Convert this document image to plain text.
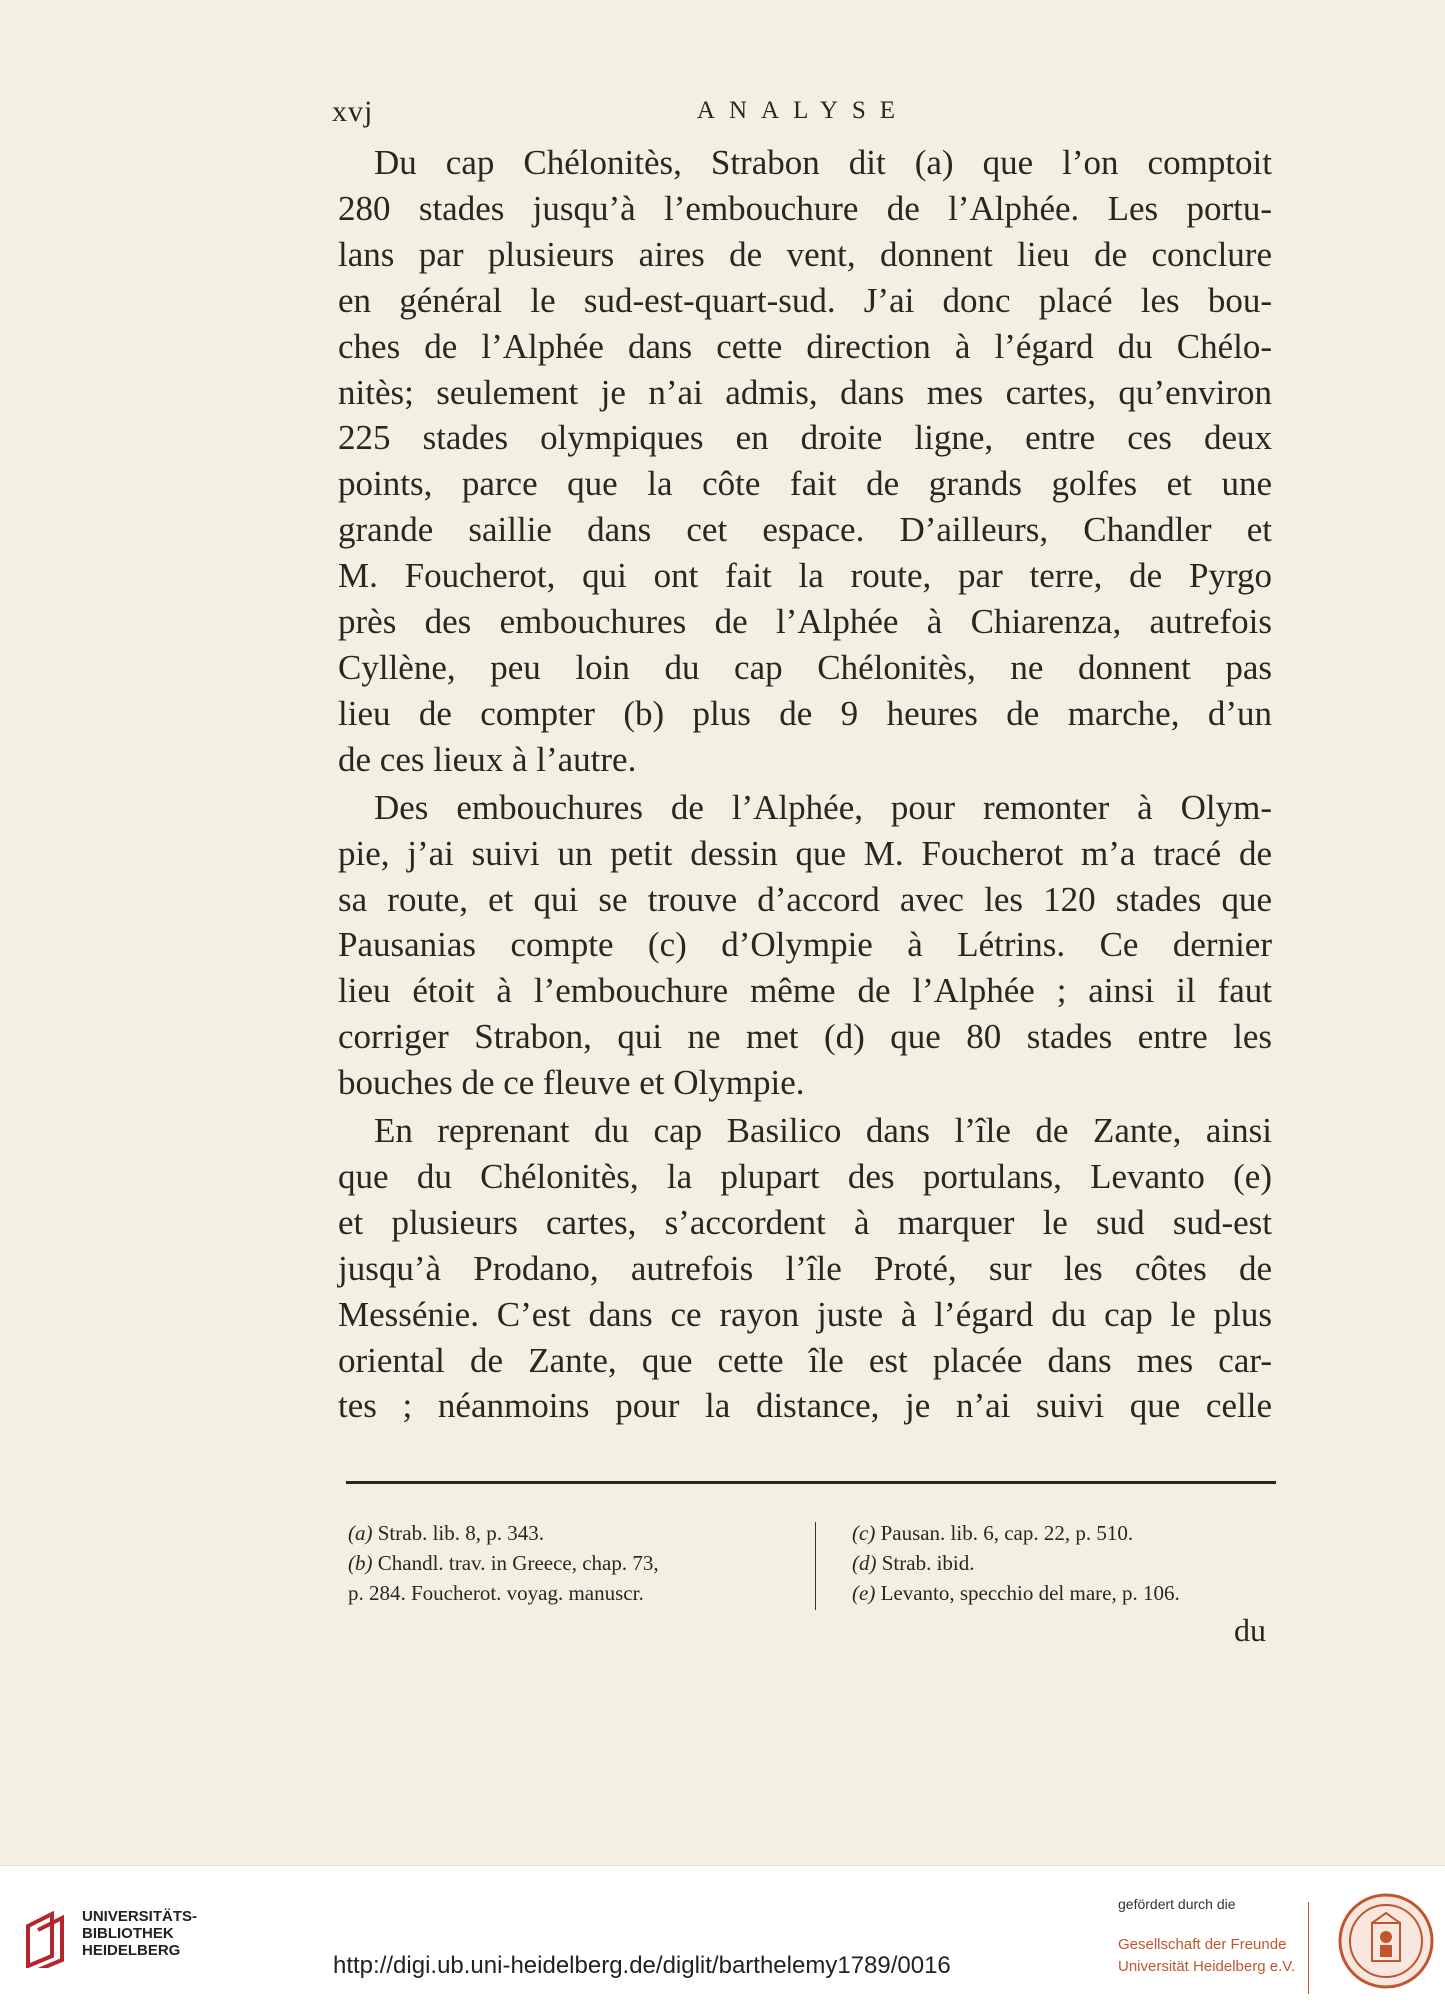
xvj	ANALYSE

Du cap Chélonitès, Strabon dit (a) que l’on comptoit

280 stades jusqu’à l’embouchure de l’Alphée. Les portu-

lans par plusieurs aires de vent, donnent lieu de conclure

en général le sud-est-quart-sud. J’ai donc placé les bou-

ches de l’Alphée dans cette direction à l’égard du Chélo-

nitès; seulement je n’ai admis, dans mes cartes, qu’environ

225 stades olympiques en droite ligne, entre ces deux

points, parce que la côte fait de grands golfes et une

grande saillie dans cet espace. D’ailleurs, Chandler et

M. Foucherot, qui ont fait la route, par terre, de Pyrgo

près des embouchures de l’Alphée à Chiarenza, autrefois

Cyllène, peu loin du cap Chélonitès, ne donnent pas

lieu de compter (b) plus de 9 heures de marche, d’un

de ces lieux à l’autre.

Des embouchures de l’Alphée, pour remonter à Olym-

pie, j’ai suivi un petit dessin que M. Foucherot m’a tracé de

sa route, et qui se trouve d’accord avec les 120 stades que

Pausanias compte (c) d’Olympie à Létrins. Ce dernier

lieu étoit à l’embouchure même de l’Alphée ; ainsi il faut

corriger Strabon, qui ne met (d) que 80 stades entre les

bouches de ce fleuve et Olympie.

En reprenant du cap Basilico dans l’île de Zante, ainsi

que du Chélonitès, la plupart des portulans, Levanto (e)

et plusieurs cartes, s’accordent à marquer le sud sud-est

jusqu’à Prodano, autrefois l’île Proté, sur les côtes de

Messénie. C’est dans ce rayon juste à l’égard du cap le plus

oriental de Zante, que cette île est placée dans mes car-

tes ; néanmoins pour la distance, je n’ai suivi que celle

(a) Strab. lib. 8, p. 343.
(b) Chandl. trav. in Greece, chap. 73,
p. 284. Foucherot. voyag. manuscr.
(c) Pausan. lib. 6, cap. 22, p. 510.
(d) Strab. ibid.
(e) Levanto, specchio del mare, p. 106.
du
UNIVERSITÄTS-
BIBLIOTHEK
HEIDELBERG
http://digi.ub.uni-heidelberg.de/diglit/barthelemy1789/0016
gefördert durch die
Gesellschaft der Freunde
Universität Heidelberg e.V.
